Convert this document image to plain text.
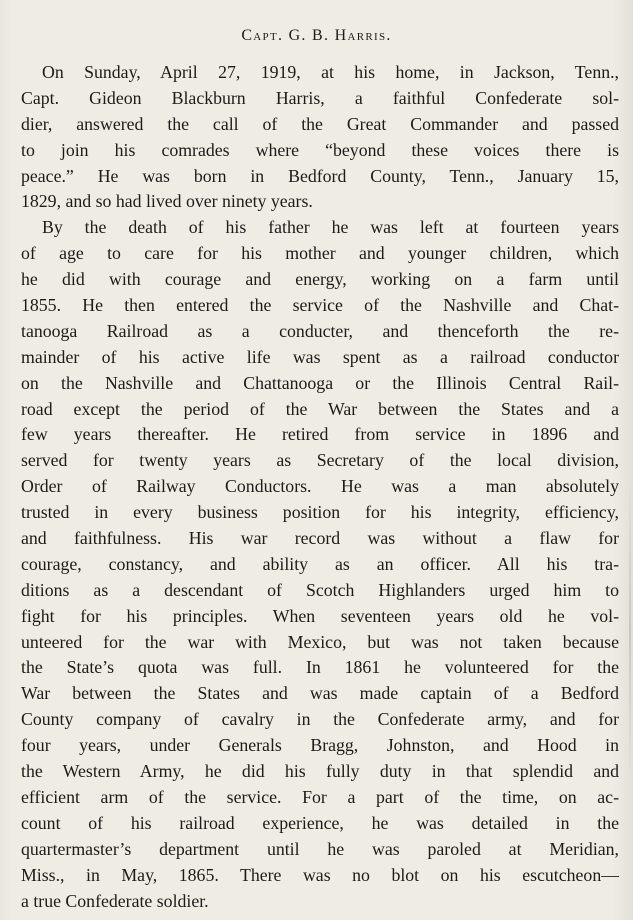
Capt. G. B. Harris.
On Sunday, April 27, 1919, at his home, in Jackson, Tenn.,
Capt. Gideon Blackburn Harris, a faithful Confederate sol-
dier, answered the call of the Great Commander and passed
to join his comrades where “beyond these voices there is
peace.” He was born in Bedford County, Tenn., January 15,
1829, and so had lived over ninety years.
By the death of his father he was left at fourteen years
of age to care for his mother and younger children, which
he did with courage and energy, working on a farm until
1855. He then entered the service of the Nashville and Chat-
tanooga Railroad as a conducter, and thenceforth the re-
mainder of his active life was spent as a railroad conductor
on the Nashville and Chattanooga or the Illinois Central Rail-
road except the period of the War between the States and a
few years thereafter. He retired from service in 1896 and
served for twenty years as Secretary of the local division,
Order of Railway Conductors. He was a man absolutely
trusted in every business position for his integrity, efficiency,
and faithfulness. His war record was without a flaw for
courage, constancy, and ability as an officer. All his tra-
ditions as a descendant of Scotch Highlanders urged him to
fight for his principles. When seventeen years old he vol-
unteered for the war with Mexico, but was not taken because
the State’s quota was full. In 1861 he volunteered for the
War between the States and was made captain of a Bedford
County company of cavalry in the Confederate army, and for
four years, under Generals Bragg, Johnston, and Hood in
the Western Army, he did his fully duty in that splendid and
efficient arm of the service. For a part of the time, on ac-
count of his railroad experience, he was detailed in the
quartermaster’s department until he was paroled at Meridian,
Miss., in May, 1865. There was no blot on his escutcheon—
a true Confederate soldier.
